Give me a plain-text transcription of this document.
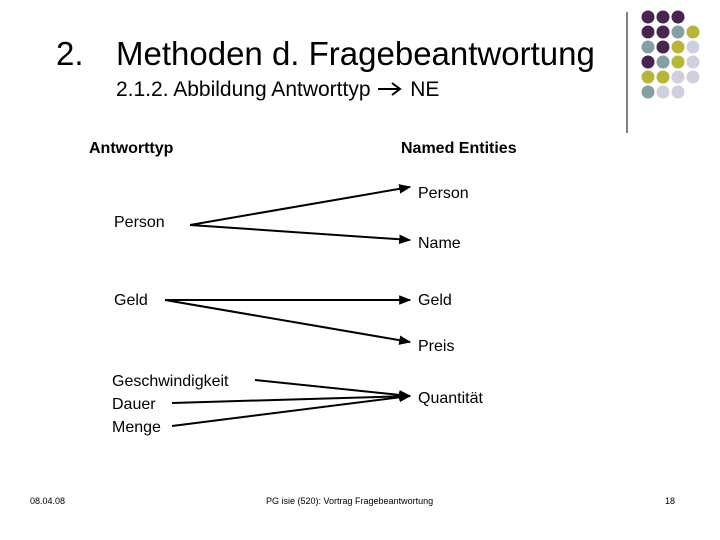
2. Methoden d. Fragebeantwortung
2.1.2. Abbildung Antworttyp NE
Antworttyp	Named Entities
Person
Geld
Geschwindigkeit
Dauer
Menge
Person
Name
Geld
Preis
Quantität
08.04.08	PG isie (520): Vortrag Fragebeantwortung	18
